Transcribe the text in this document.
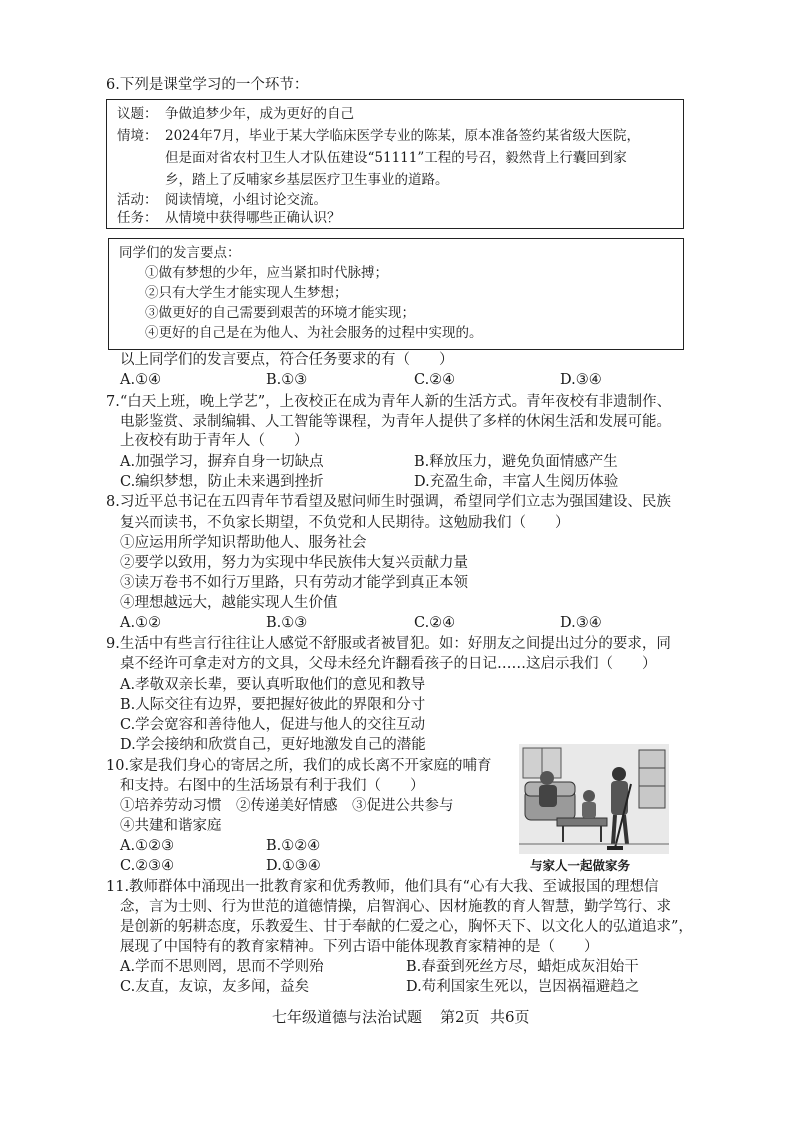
6.下列是课堂学习的一个环节：
议题： 争做追梦少年，成为更好的自己
情境： 2024年7月，毕业于某大学临床医学专业的陈某，原本准备签约某省级大医院，
但是面对省农村卫生人才队伍建设“51111”工程的号召，毅然背上行囊回到家
乡，踏上了反哺家乡基层医疗卫生事业的道路。
活动： 阅读情境，小组讨论交流。
任务： 从情境中获得哪些正确认识？
同学们的发言要点：
①做有梦想的少年，应当紧扣时代脉搏；
②只有大学生才能实现人生梦想；
③做更好的自己需要到艰苦的环境才能实现；
④更好的自己是在为他人、为社会服务的过程中实现的。
以上同学们的发言要点，符合任务要求的有（　　）
A.①④	B.①③	C.②④	D.③④
7.“白天上班，晚上学艺”，上夜校正在成为青年人新的生活方式。青年夜校有非遗制作、
电影鉴赏、录制编辑、人工智能等课程，为青年人提供了多样的休闲生活和发展可能。
上夜校有助于青年人（　　）
A.加强学习，摒弃自身一切缺点	B.释放压力，避免负面情感产生
C.编织梦想，防止未来遇到挫折	D.充盈生命，丰富人生阅历体验
8.习近平总书记在五四青年节看望及慰问师生时强调，希望同学们立志为强国建设、民族
复兴而读书，不负家长期望，不负党和人民期待。这勉励我们（　　）
①应运用所学知识帮助他人、服务社会
②要学以致用，努力为实现中华民族伟大复兴贡献力量
③读万卷书不如行万里路，只有劳动才能学到真正本领
④理想越远大，越能实现人生价值
A.①②	B.①③	C.②④	D.③④
9.生活中有些言行往往让人感觉不舒服或者被冒犯。如：好朋友之间提出过分的要求，同
桌不经许可拿走对方的文具，父母未经允许翻看孩子的日记……这启示我们（　　）
A.孝敬双亲长辈，要认真听取他们的意见和教导
B.人际交往有边界，要把握好彼此的界限和分寸
C.学会宽容和善待他人，促进与他人的交往互动
D.学会接纳和欣赏自己，更好地激发自己的潜能
10.家是我们身心的寄居之所，我们的成长离不开家庭的哺育
和支持。右图中的生活场景有利于我们（　　）
①培养劳动习惯　②传递美好情感　③促进公共参与
④共建和谐家庭
A.①②③	B.①②④
C.②③④	D.①③④	与家人一起做家务
11.教师群体中涌现出一批教育家和优秀教师，他们具有“心有大我、至诚报国的理想信
念，言为士则、行为世范的道德情操，启智润心、因材施教的育人智慧，勤学笃行、求
是创新的躬耕态度，乐教爱生、甘于奉献的仁爱之心，胸怀天下、以文化人的弘道追求”，
展现了中国特有的教育家精神。下列古语中能体现教育家精神的是（　　）
A.学而不思则罔，思而不学则殆	B.春蚕到死丝方尽，蜡炬成灰泪始干
C.友直，友谅，友多闻，益矣	D.苟利国家生死以，岂因祸福避趋之
七年级道德与法治试题 第2页 共6页
